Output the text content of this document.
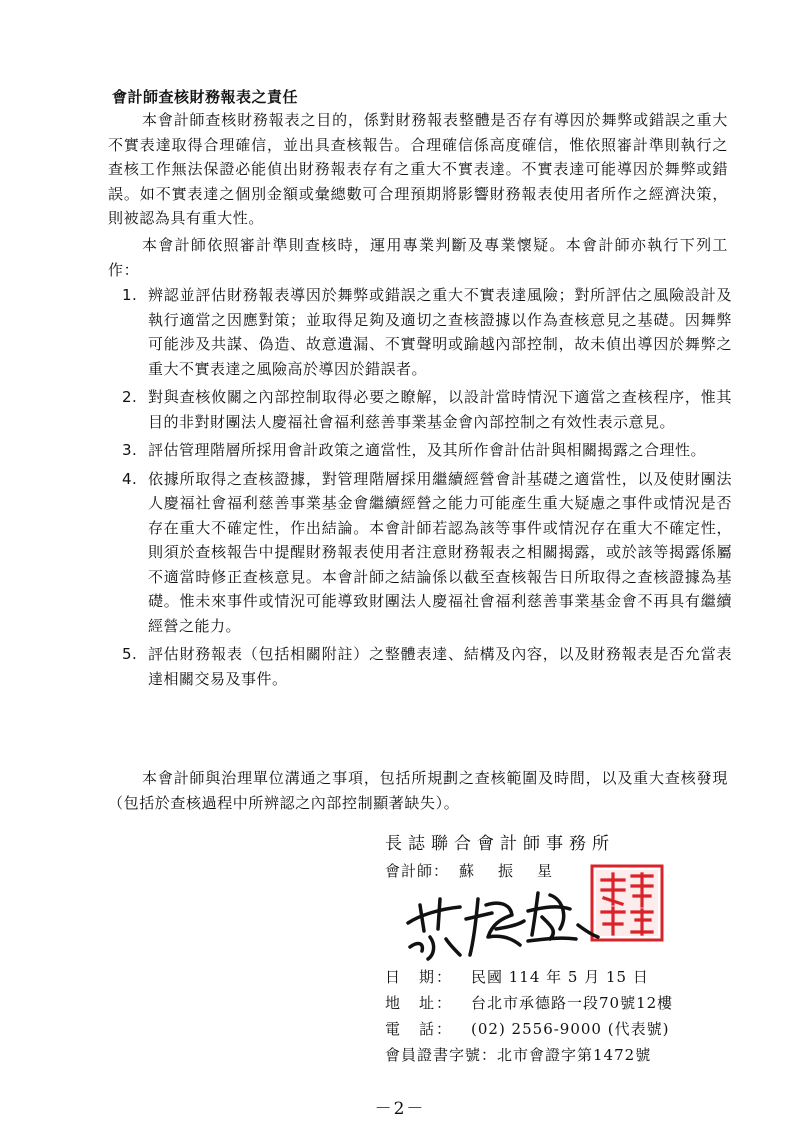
會計師查核財務報表之責任

本會計師查核財務報表之目的，係對財務報表整體是否存有導因於舞弊或錯誤之重大不實表達取得合理確信，並出具查核報告。合理確信係高度確信，惟依照審計準則執行之查核工作無法保證必能偵出財務報表存有之重大不實表達。不實表達可能導因於舞弊或錯誤。如不實表達之個別金額或彙總數可合理預期將影響財務報表使用者所作之經濟決策，則被認為具有重大性。

本會計師依照審計準則查核時，運用專業判斷及專業懷疑。本會計師亦執行下列工作：

1. 辨認並評估財務報表導因於舞弊或錯誤之重大不實表達風險；對所評估之風險設計及執行適當之因應對策；並取得足夠及適切之查核證據以作為查核意見之基礎。因舞弊可能涉及共謀、偽造、故意遺漏、不實聲明或踰越內部控制，故未偵出導因於舞弊之重大不實表達之風險高於導因於錯誤者。
2. 對與查核攸關之內部控制取得必要之瞭解，以設計當時情況下適當之查核程序，惟其目的非對財團法人慶福社會福利慈善事業基金會內部控制之有效性表示意見。
3. 評估管理階層所採用會計政策之適當性，及其所作會計估計與相關揭露之合理性。
4. 依據所取得之查核證據，對管理階層採用繼續經營會計基礎之適當性，以及使財團法人慶福社會福利慈善事業基金會繼續經營之能力可能產生重大疑慮之事件或情況是否存在重大不確定性，作出結論。本會計師若認為該等事件或情況存在重大不確定性，則須於查核報告中提醒財務報表使用者注意財務報表之相關揭露，或於該等揭露係屬不適當時修正查核意見。本會計師之結論係以截至查核報告日所取得之查核證據為基礎。惟未來事件或情況可能導致財團法人慶福社會福利慈善事業基金會不再具有繼續經營之能力。
5. 評估財務報表（包括相關附註）之整體表達、結構及內容，以及財務報表是否允當表達相關交易及事件。

本會計師與治理單位溝通之事項，包括所規劃之查核範圍及時間，以及重大查核發現（包括於查核過程中所辨認之內部控制顯著缺失）。

長誌聯合會計師事務所
會計師： 蘇振星
日　期： 民國 114 年 5 月 15 日
地　址： 台北市承德路一段70號12樓
電　話： (02) 2556-9000 (代表號)
會員證書字號：北市會證字第1472號
－2－
